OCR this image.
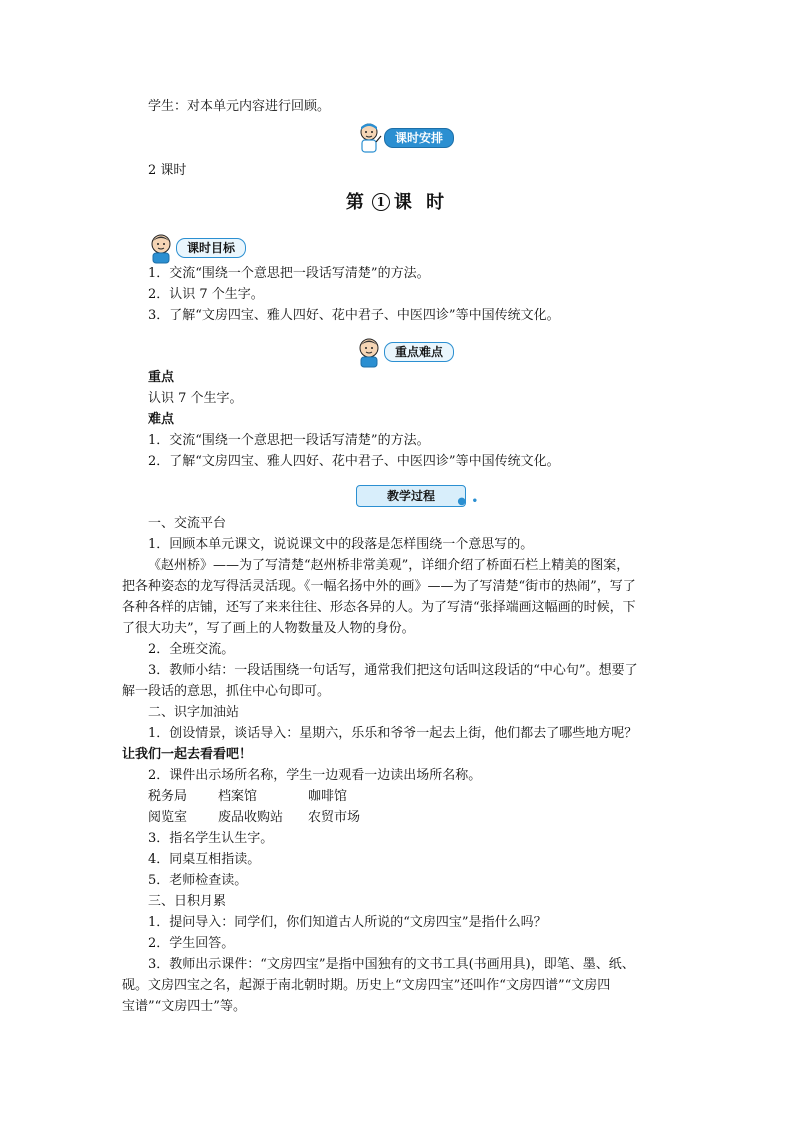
学生：对本单元内容进行回顾。
课时安排
2 课时
第 1 课 时
课时目标
1．交流“围绕一个意思把一段话写清楚”的方法。
2．认识 7 个生字。
3．了解“文房四宝、雅人四好、花中君子、中医四诊”等中国传统文化。
重点难点
重点
认识 7 个生字。
难点
1．交流“围绕一个意思把一段话写清楚”的方法。
2．了解“文房四宝、雅人四好、花中君子、中医四诊”等中国传统文化。
教学过程 ● •
一、交流平台
1．回顾本单元课文，说说课文中的段落是怎样围绕一个意思写的。
《赵州桥》——为了写清楚“赵州桥非常美观”，详细介绍了桥面石栏上精美的图案，
把各种姿态的龙写得活灵活现。《一幅名扬中外的画》——为了写清楚“街市的热闹”，写了
各种各样的店铺，还写了来来往往、形态各异的人。为了写清“张择端画这幅画的时候，下
了很大功夫”，写了画上的人物数量及人物的身份。
2．全班交流。
3．教师小结：一段话围绕一句话写，通常我们把这句话叫这段话的“中心句”。想要了
解一段话的意思，抓住中心句即可。
二、识字加油站
1．创设情景，谈话导入：星期六，乐乐和爷爷一起去上街，他们都去了哪些地方呢？
让我们一起去看看吧！
2．课件出示场所名称，学生一边观看一边读出场所名称。
税务局 档案馆	咖啡馆
阅览室 废品收购站 农贸市场
3．指名学生认生字。
4．同桌互相指读。
5．老师检查读。
三、日积月累
1．提问导入：同学们，你们知道古人所说的“文房四宝”是指什么吗？
2．学生回答。
3．教师出示课件：“文房四宝”是指中国独有的文书工具(书画用具)，即笔、墨、纸、
砚。文房四宝之名，起源于南北朝时期。历史上“文房四宝”还叫作“文房四谱”“文房四
宝谱”“文房四士”等。
